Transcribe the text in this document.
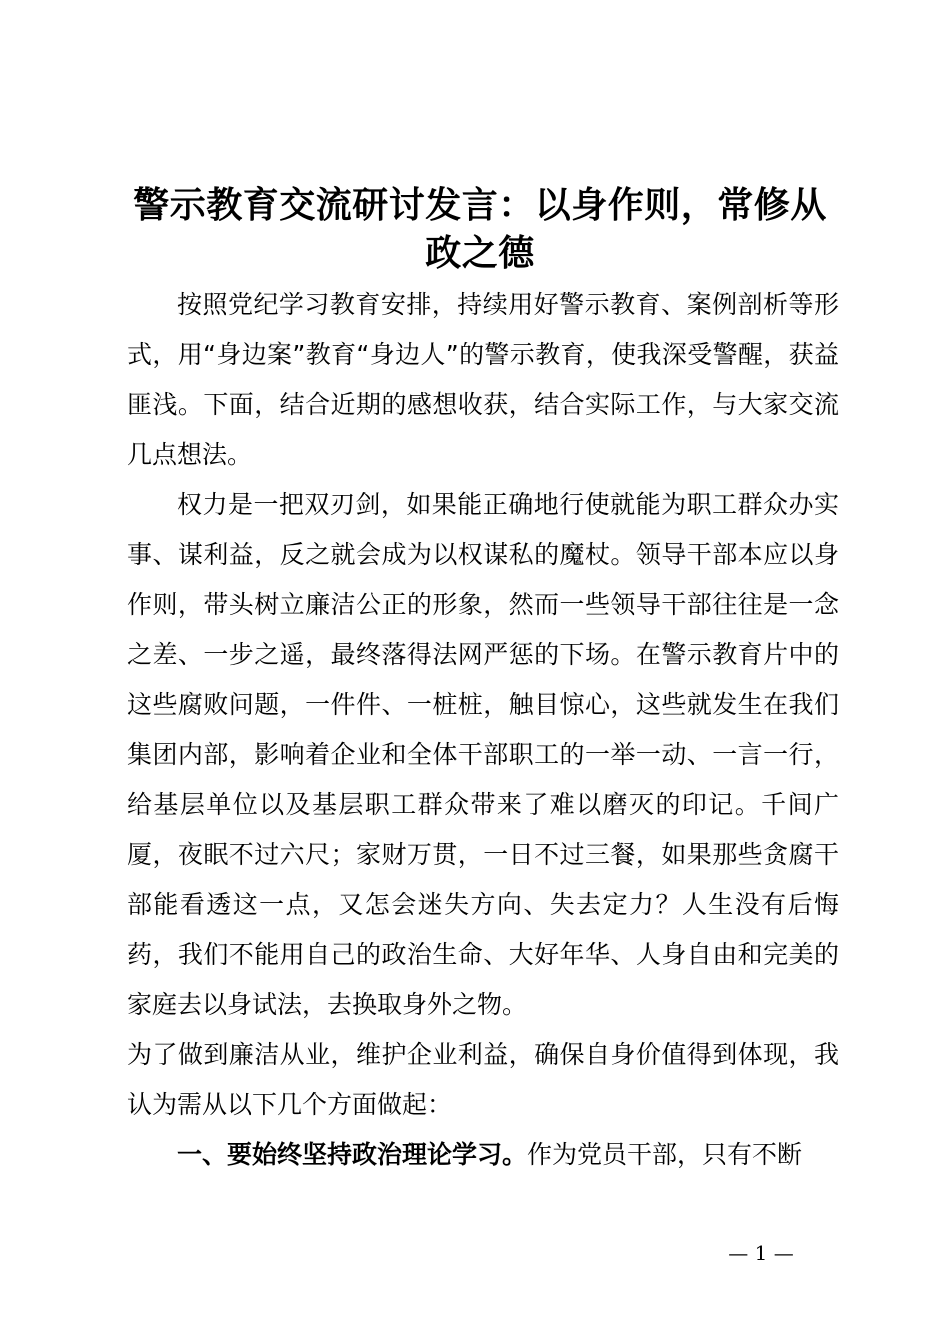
警示教育交流研讨发言：以身作则，常修从政之德

按照党纪学习教育安排，持续用好警示教育、案例剖析等形式，用“身边案”教育“身边人”的警示教育，使我深受警醒，获益匪浅。下面，结合近期的感想收获，结合实际工作，与大家交流几点想法。

权力是一把双刃剑，如果能正确地行使就能为职工群众办实事、谋利益，反之就会成为以权谋私的魔杖。领导干部本应以身作则，带头树立廉洁公正的形象，然而一些领导干部往往是一念之差、一步之遥，最终落得法网严惩的下场。在警示教育片中的这些腐败问题，一件件、一桩桩，触目惊心，这些就发生在我们集团内部，影响着企业和全体干部职工的一举一动、一言一行，给基层单位以及基层职工群众带来了难以磨灭的印记。千间广厦，夜眠不过六尺；家财万贯，一日不过三餐，如果那些贪腐干部能看透这一点，又怎会迷失方向、失去定力？人生没有后悔药，我们不能用自己的政治生命、大好年华、人身自由和完美的家庭去以身试法，去换取身外之物。

为了做到廉洁从业，维护企业利益，确保自身价值得到体现，我认为需从以下几个方面做起：

一、要始终坚持政治理论学习。作为党员干部，只有不断

— 1 —
